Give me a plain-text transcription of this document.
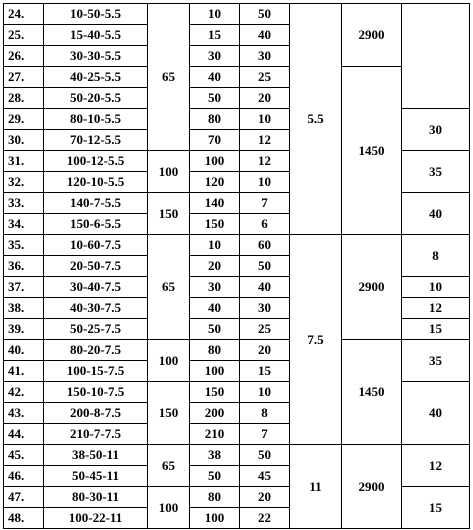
24.	10-50-5.5	65	10	50	5.5	2900	
25.	15-40-5.5		15	40			
26.	30-30-5.5		30	30			
27.	40-25-5.5		40	25		1450	
28.	50-20-5.5		50	20			
29.	80-10-5.5		80	10			30
30.	70-12-5.5		70	12			
31.	100-12-5.5	100	100	12			35
32.	120-10-5.5		120	10			
33.	140-7-5.5	150	140	7			40
34.	150-6-5.5		150	6			
35.	10-60-7.5	65	10	60	7.5	2900	8
36.	20-50-7.5		20	50			
37.	30-40-7.5		30	40			10
38.	40-30-7.5		40	30			12
39.	50-25-7.5		50	25			15
40.	80-20-7.5	100	80	20		1450	35
41.	100-15-7.5		100	15			
42.	150-10-7.5	150	150	10			40
43.	200-8-7.5		200	8			
44.	210-7-7.5		210	7			
45.	38-50-11	65	38	50	11	2900	12
46.	50-45-11		50	45			
47.	80-30-11	100	80	20			15
48.	100-22-11		100	22			
